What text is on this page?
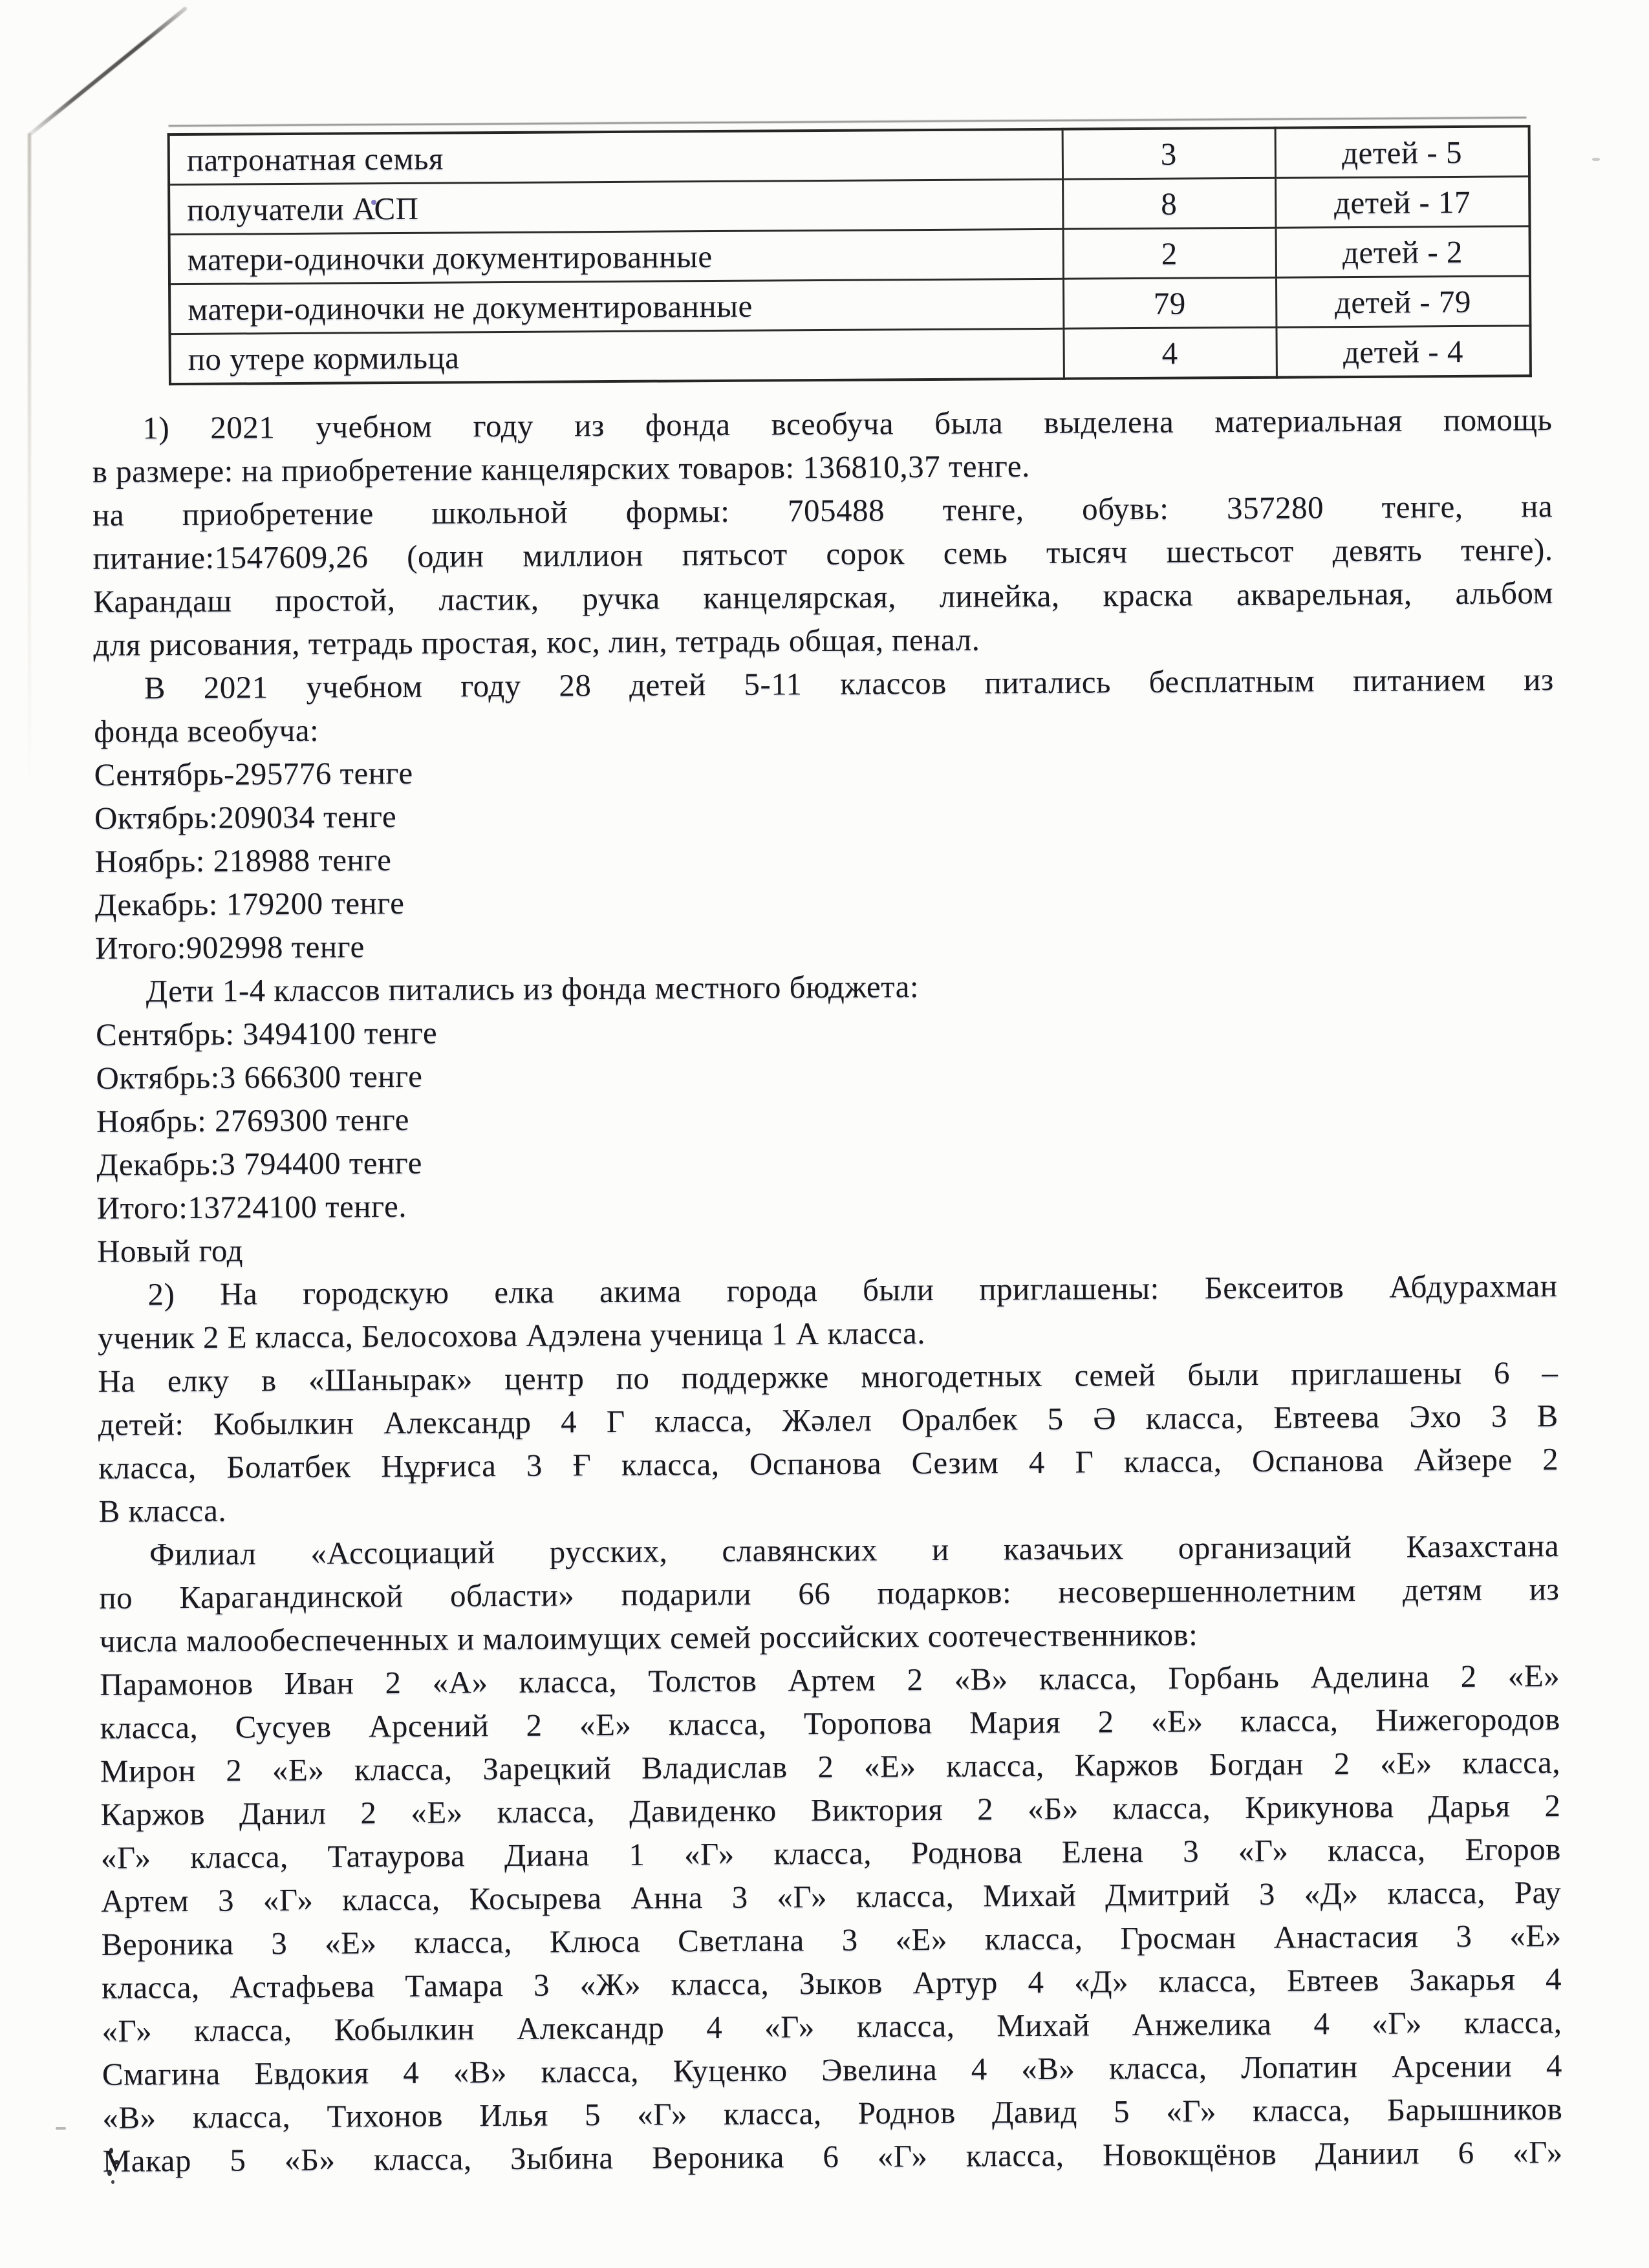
патронатная семья	3	детей - 5
получатели АСП	8	детей - 17
матери-одиночки документированные	2	детей - 2
матери-одиночки не документированные	79	детей - 79
по утере кормильца	4	детей - 4
1) 2021 учебном году из фонда всеобуча была выделена материальная помощь
в размере: на приобретение канцелярских товаров: 136810,37 тенге.
на приобретение школьной формы: 705488 тенге, обувь: 357280 тенге, на
питание:1547609,26 (один миллион пятьсот сорок семь тысяч шестьсот девять тенге).
Карандаш простой, ластик, ручка канцелярская, линейка, краска акварельная, альбом
для рисования, тетрадь простая, кос, лин, тетрадь общая, пенал.
В 2021 учебном году 28 детей 5-11 классов питались бесплатным питанием из
фонда всеобуча:
Сентябрь-295776 тенге
Октябрь:209034 тенге
Ноябрь: 218988 тенге
Декабрь: 179200 тенге
Итого:902998 тенге
Дети 1-4 классов питались из фонда местного бюджета:
Сентябрь: 3494100 тенге
Октябрь:3 666300 тенге
Ноябрь: 2769300 тенге
Декабрь:3 794400 тенге
Итого:13724100 тенге.
Новый год
2) На городскую елка акима города были приглашены: Бексеитов Абдурахман
ученик 2 Е класса, Белосохова Адэлена ученица 1 А класса.
На елку в «Шанырак» центр по поддержке многодетных семей были приглашены 6 –
детей: Кобылкин Александр 4 Г класса, Жәлел Оралбек 5 Ә класса, Евтеева Эхо 3 В
класса, Болатбек Нұрғиса 3 Ғ класса, Оспанова Сезим 4 Г класса, Оспанова Айзере 2
В класса.
Филиал «Ассоциаций русских, славянских и казачьих организаций Казахстана
по Карагандинской области» подарили 66 подарков: несовершеннолетним детям из
числа малообеспеченных и малоимущих семей российских соотечественников:
Парамонов Иван 2 «А» класса, Толстов Артем 2 «В» класса, Горбань Аделина 2 «Е»
класса, Сусуев Арсений 2 «Е» класса, Торопова Мария 2 «Е» класса, Нижегородов
Мирон 2 «Е» класса, Зарецкий Владислав 2 «Е» класса, Каржов Богдан 2 «Е» класса,
Каржов Данил 2 «Е» класса, Давиденко Виктория 2 «Б» класса, Крикунова Дарья 2
«Г» класса, Татаурова Диана 1 «Г» класса, Роднова Елена 3 «Г» класса, Егоров
Артем 3 «Г» класса, Косырева Анна 3 «Г» класса, Михай Дмитрий 3 «Д» класса, Рау
Вероника 3 «Е» класса, Клюса Светлана 3 «Е» класса, Гросман Анастасия 3 «Е»
класса, Астафьева Тамара 3 «Ж» класса, Зыков Артур 4 «Д» класса, Евтеев Закарья 4
«Г» класса, Кобылкин Александр 4 «Г» класса, Михай Анжелика 4 «Г» класса,
Смагина Евдокия 4 «В» класса, Куценко Эвелина 4 «В» класса, Лопатин Арсении 4
«В» класса, Тихонов Илья 5 «Г» класса, Роднов Давид 5 «Г» класса, Барышников
Макар 5 «Б» класса, Зыбина Вероника 6 «Г» класса, Новокщёнов Даниил 6 «Г»
